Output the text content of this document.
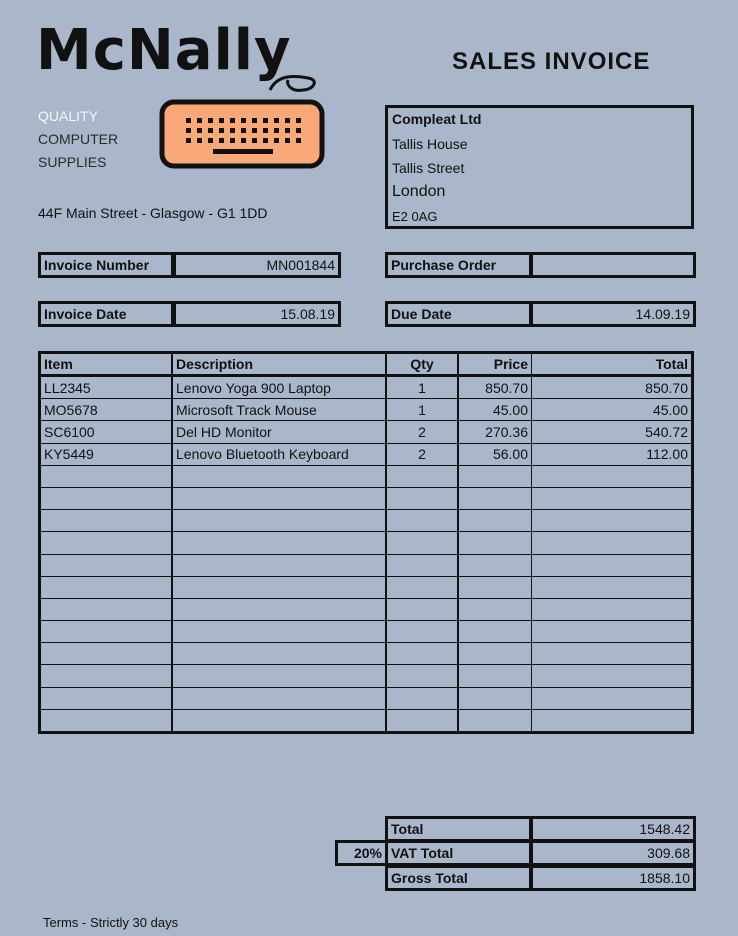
McNally
QUALITY
COMPUTER
SUPPLIES
44F Main Street - Glasgow - G1 1DD
SALES INVOICE
Compleat Ltd
Tallis House
Tallis Street
London
E2 0AG
Invoice Number	MN001844	Purchase Order
Invoice Date	15.08.19	Due Date	14.09.19
Item	Description	Qty	Price	Total
LL2345	Lenovo Yoga 900 Laptop	1	850.70	850.70
MO5678	Microsoft Track Mouse	1	45.00	45.00
SC6100	Del HD Monitor	2	270.36	540.72
KY5449	Lenovo Bluetooth Keyboard	2	56.00	112.00

Total	1548.42
20% VAT Total	309.68
Gross Total	1858.10
Terms - Strictly 30 days
